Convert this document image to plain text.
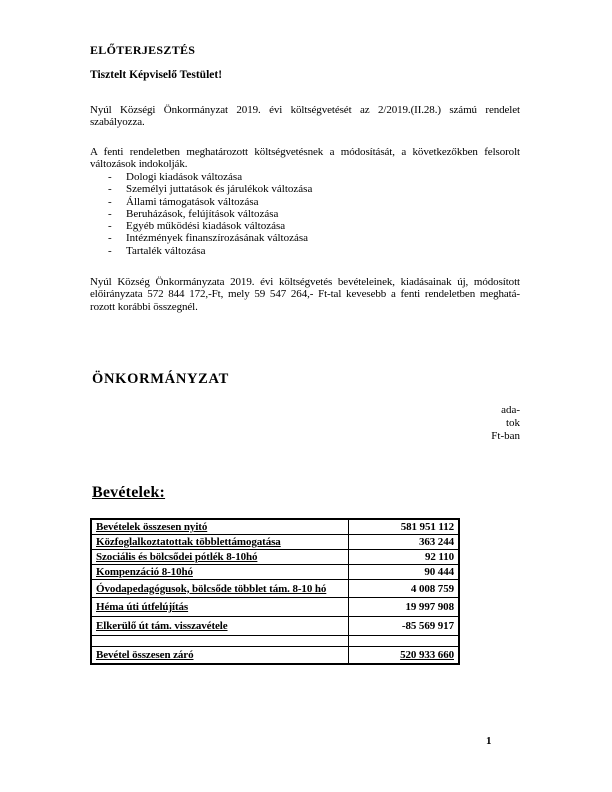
ELŐTERJESZTÉS
Tisztelt Képviselő Testület!
Nyúl Községi Önkormányzat 2019. évi költségvetését az 2/2019.(II.28.) számú rendelet
szabályozza.
A fenti rendeletben meghatározott költségvetésnek a módosítását, a következőkben felsorolt
változások indokolják.
-	Dologi kiadások változása
-	Személyi juttatások és járulékok változása
-	Állami támogatások változása
-	Beruházások, felújítások változása
-	Egyéb működési kiadások változása
-	Intézmények finanszírozásának változása
-	Tartalék változása
Nyúl Község Önkormányzata 2019. évi költségvetés bevételeinek, kiadásainak új, módosított
előirányzata 572 844 172,-Ft, mely 59 547 264,- Ft-tal kevesebb a fenti rendeletben meghatá-
rozott korábbi összegnél.
ÖNKORMÁNYZAT
ada-
tok
Ft-ban
Bevételek:
Bevételek összesen nyitó	581 951 112
Közfoglalkoztatottak többlettámogatása	363 244
Szociális és bölcsődei pótlék 8-10hó	92 110
Kompenzáció 8-10hó	90 444
Óvodapedagógusok, bölcsőde többlet tám. 8-10 hó	4 008 759
Héma úti útfelújítás	19 997 908
Elkerülő út tám. visszavétele	-85 569 917
Bevétel összesen záró	520 933 660
1
